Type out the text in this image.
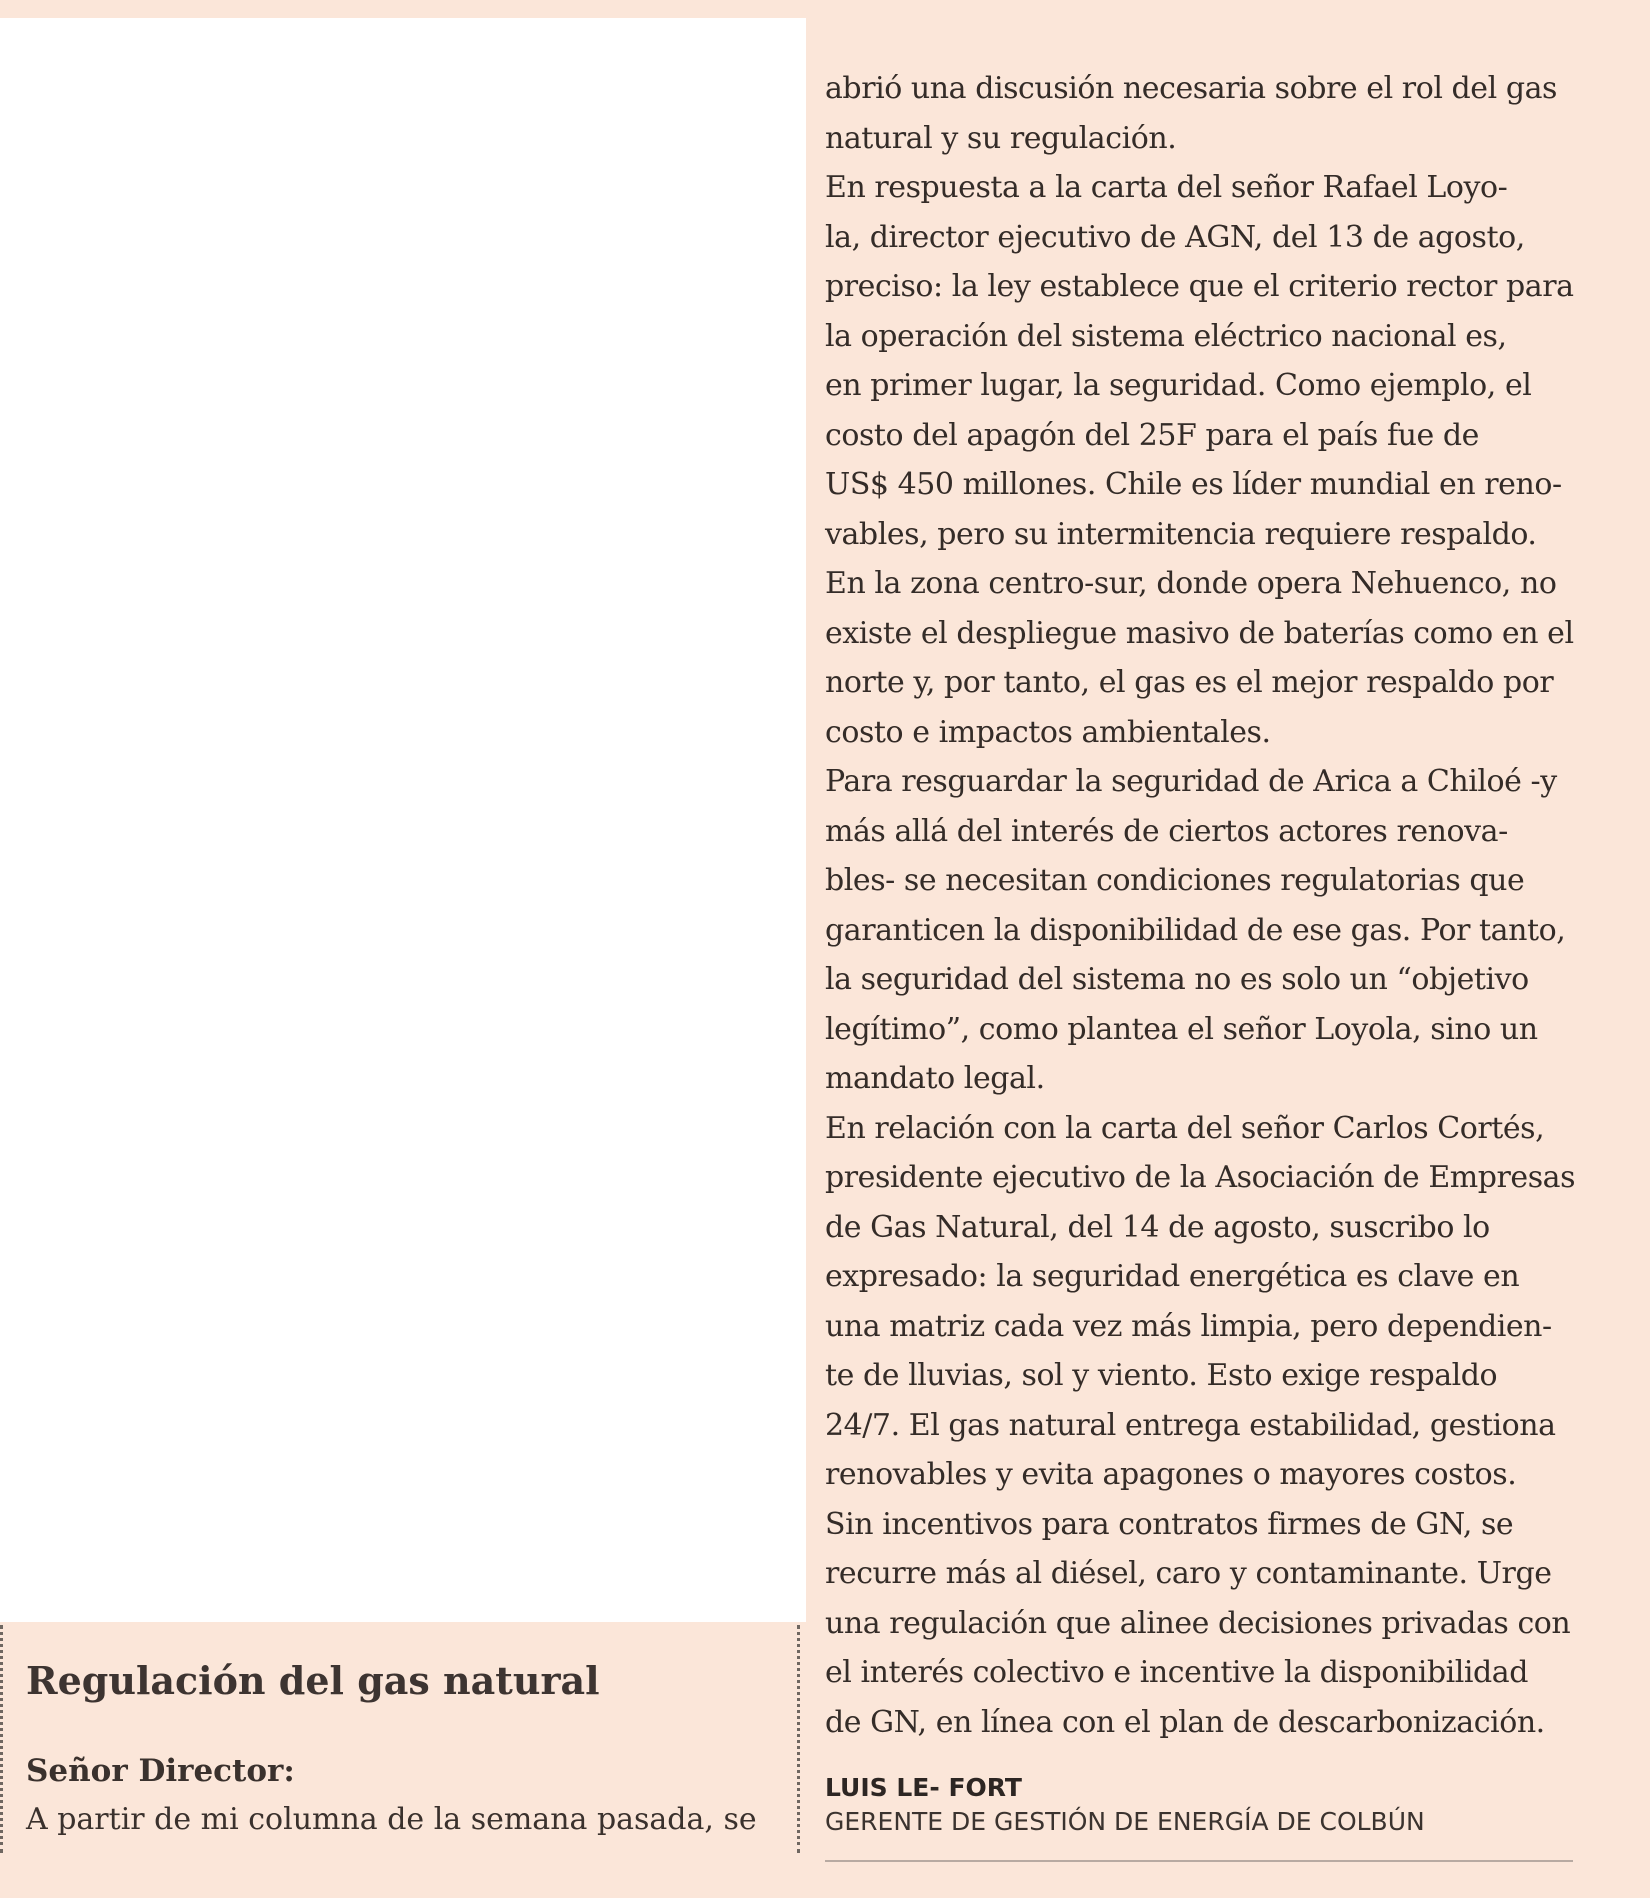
Regulación del gas natural
Señor Director:
A partir de mi columna de la semana pasada, se
abrió una discusión necesaria sobre el rol del gas
natural y su regulación.
En respuesta a la carta del señor Rafael Loyo-
la, director ejecutivo de AGN, del 13 de agosto,
preciso: la ley establece que el criterio rector para
la operación del sistema eléctrico nacional es,
en primer lugar, la seguridad. Como ejemplo, el
costo del apagón del 25F para el país fue de
US$ 450 millones. Chile es líder mundial en reno-
vables, pero su intermitencia requiere respaldo.
En la zona centro-sur, donde opera Nehuenco, no
existe el despliegue masivo de baterías como en el
norte y, por tanto, el gas es el mejor respaldo por
costo e impactos ambientales.
Para resguardar la seguridad de Arica a Chiloé -y
más allá del interés de ciertos actores renova-
bles- se necesitan condiciones regulatorias que
garanticen la disponibilidad de ese gas. Por tanto,
la seguridad del sistema no es solo un “objetivo
legítimo”, como plantea el señor Loyola, sino un
mandato legal.
En relación con la carta del señor Carlos Cortés,
presidente ejecutivo de la Asociación de Empresas
de Gas Natural, del 14 de agosto, suscribo lo
expresado: la seguridad energética es clave en
una matriz cada vez más limpia, pero dependien-
te de lluvias, sol y viento. Esto exige respaldo
24/7. El gas natural entrega estabilidad, gestiona
renovables y evita apagones o mayores costos.
Sin incentivos para contratos firmes de GN, se
recurre más al diésel, caro y contaminante. Urge
una regulación que alinee decisiones privadas con
el interés colectivo e incentive la disponibilidad
de GN, en línea con el plan de descarbonización.
LUIS LE- FORT
GERENTE DE GESTIÓN DE ENERGÍA DE COLBÚN
